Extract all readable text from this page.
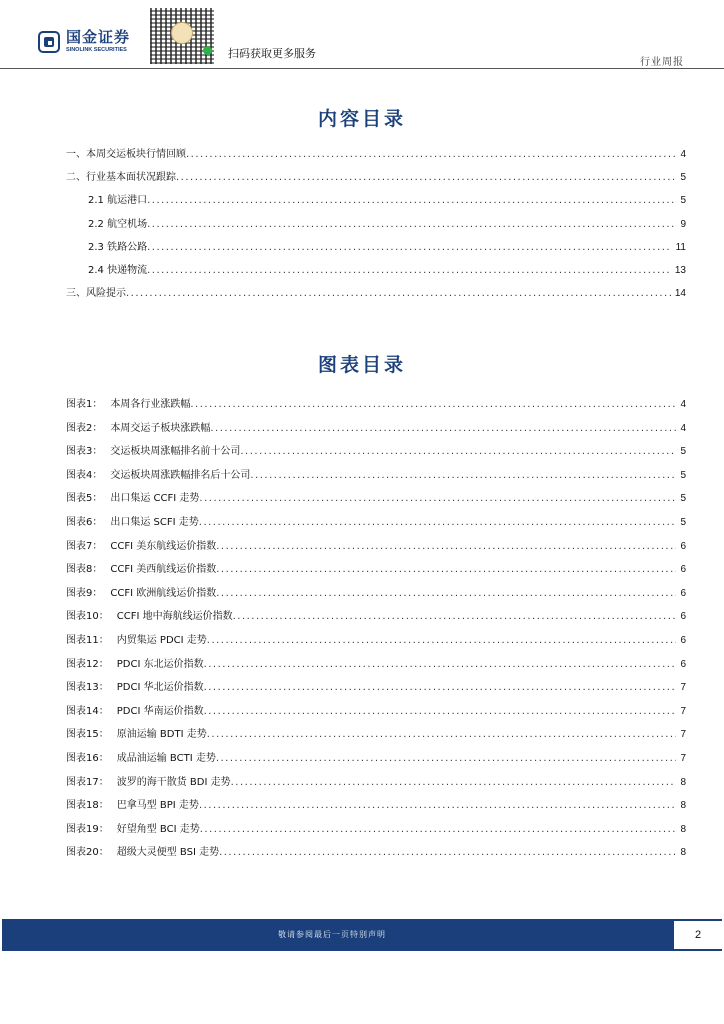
国金证券
SINOLINK SECURITIES	扫码获取更多服务
行业周报
内容目录
一、本周交运板块行情回顾 .....	4
二、行业基本面状况跟踪 .....	5
2.1 航运港口 .....	5
2.2 航空机场 .....	9
2.3 铁路公路 .....	11
2.4 快递物流 .....	13
三、风险提示 .....	14
图表目录
图表1： 本周各行业涨跌幅 .....	4
图表2： 本周交运子板块涨跌幅 .....	4
图表3： 交运板块周涨幅排名前十公司 .....	5
图表4： 交运板块周涨跌幅排名后十公司 .....	5
图表5： 出口集运 CCFI 走势 .....	5
图表6： 出口集运 SCFI 走势 .....	5
图表7： CCFI 美东航线运价指数 .....	6
图表8： CCFI 美西航线运价指数 .....	6
图表9： CCFI 欧洲航线运价指数 .....	6
图表10： CCFI 地中海航线运价指数 .....	6
图表11： 内贸集运 PDCI 走势 .....	6
图表12： PDCI 东北运价指数 .....	6
图表13： PDCI 华北运价指数 .....	7
图表14： PDCI 华南运价指数 .....	7
图表15： 原油运输 BDTI 走势 .....	7
图表16： 成品油运输 BCTI 走势 .....	7
图表17： 波罗的海干散货 BDI 走势 .....	8
图表18： 巴拿马型 BPI 走势 .....	8
图表19： 好望角型 BCI 走势 .....	8
图表20： 超级大灵便型 BSI 走势 .....	8
敬请参阅最后一页特别声明	2
